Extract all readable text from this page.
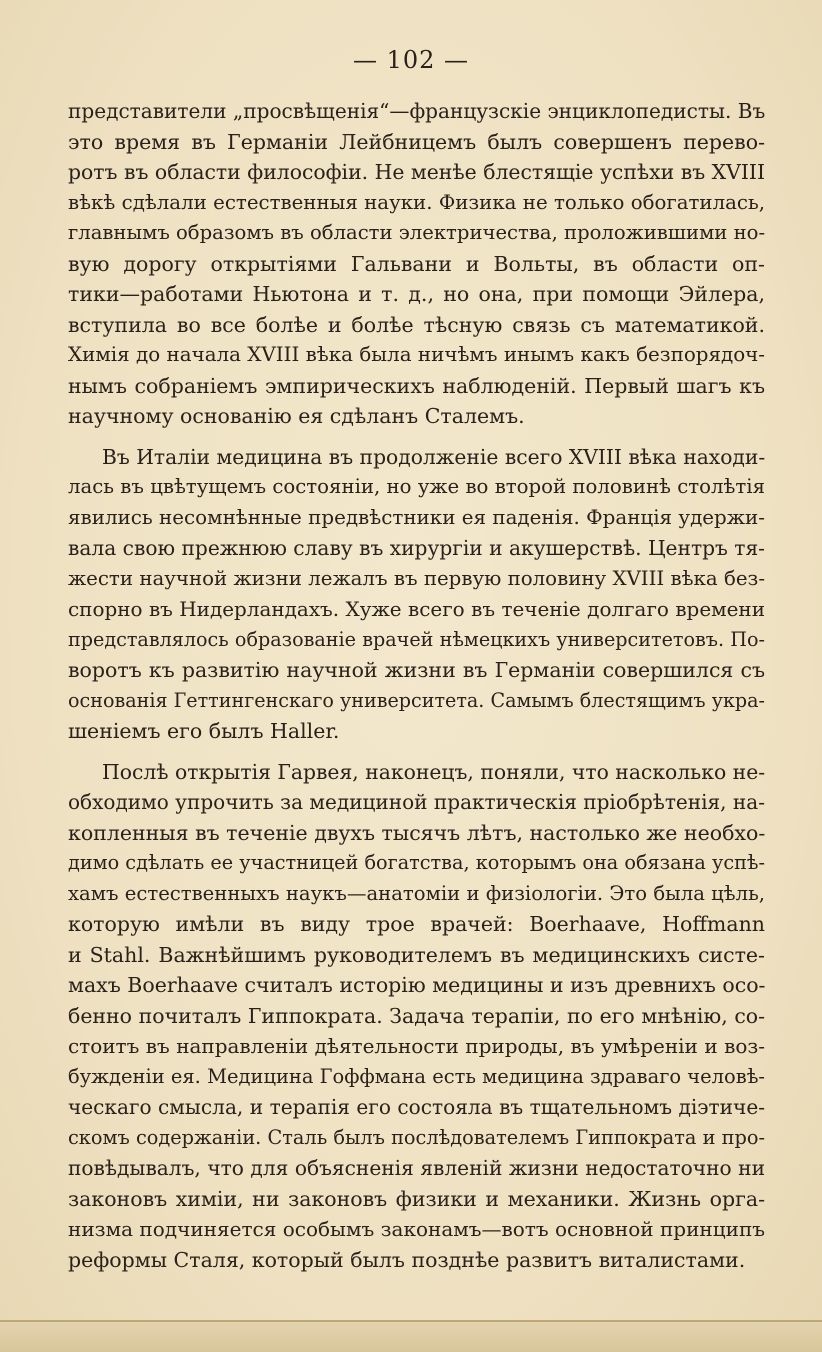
— 102 —
представители „просвѣщенія“—французскіе энциклопедисты. Въ
это время въ Германіи Лейбницемъ былъ совершенъ перево-
ротъ въ области философіи. Не менѣе блестящіе успѣхи въ XVIII
вѣкѣ сдѣлали естественныя науки. Физика не только обогатилась,
главнымъ образомъ въ области электричества, проложившими но-
вую дорогу открытіями Гальвани и Вольты, въ области оп-
тики—работами Ньютона и т. д., но она, при помощи Эйлера,
вступила во все болѣе и болѣе тѣсную связь съ математикой.
Химія до начала XVIII вѣка была ничѣмъ инымъ какъ безпорядоч-
нымъ собраніемъ эмпирическихъ наблюденій. Первый шагъ къ
научному основанію ея сдѣланъ Сталемъ.
Въ Италіи медицина въ продолженіе всего XVIII вѣка находи-
лась въ цвѣтущемъ состояніи, но уже во второй половинѣ столѣтія
явились несомнѣнные предвѣстники ея паденія. Франція удержи-
вала свою прежнюю славу въ хирургіи и акушерствѣ. Центръ тя-
жести научной жизни лежалъ въ первую половину XVIII вѣка без-
спорно въ Нидерландахъ. Хуже всего въ теченіе долгаго времени
представлялось образованіе врачей нѣмецкихъ университетовъ. По-
воротъ къ развитію научной жизни въ Германіи совершился съ
основанія Геттингенскаго университета. Самымъ блестящимъ укра-
шеніемъ его былъ Haller.
Послѣ открытія Гарвея, наконецъ, поняли, что насколько не-
обходимо упрочить за медициной практическія пріобрѣтенія, на-
копленныя въ теченіе двухъ тысячъ лѣтъ, настолько же необхо-
димо сдѣлать ее участницей богатства, которымъ она обязана успѣ-
хамъ естественныхъ наукъ—анатоміи и физіологіи. Это была цѣль,
которую имѣли въ виду трое врачей: Boerhaave, Hoffmann
и Stahl. Важнѣйшимъ руководителемъ въ медицинскихъ систе-
махъ Boerhaave считалъ исторію медицины и изъ древнихъ осо-
бенно почиталъ Гиппократа. Задача терапіи, по его мнѣнію, со-
стоитъ въ направленіи дѣятельности природы, въ умѣреніи и воз-
бужденіи ея. Медицина Гоффмана есть медицина здраваго человѣ-
ческаго смысла, и терапія его состояла въ тщательномъ діэтиче-
скомъ содержаніи. Сталь былъ послѣдователемъ Гиппократа и про-
повѣдывалъ, что для объясненія явленій жизни недостаточно ни
законовъ химіи, ни законовъ физики и механики. Жизнь орга-
низма подчиняется особымъ законамъ—вотъ основной принципъ
реформы Сталя, который былъ позднѣе развитъ виталистами.
